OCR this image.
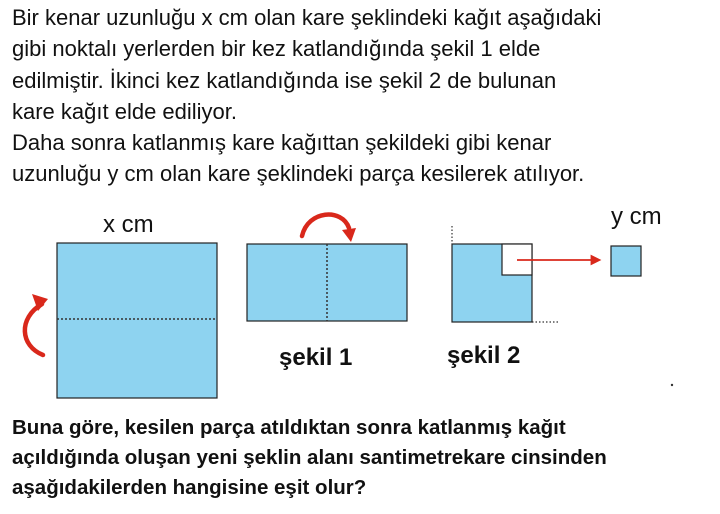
Bir kenar uzunluğu x cm olan kare şeklindeki kağıt aşağıdaki
gibi noktalı yerlerden bir kez katlandığında şekil 1 elde
edilmiştir. İkinci kez katlandığında ise şekil 2 de bulunan
kare kağıt elde ediliyor.
Daha sonra katlanmış kare kağıttan şekildeki gibi kenar
uzunluğu y cm olan kare şeklindeki parça kesilerek atılıyor.
x cm	y cm
şekil 1	şekil 2
Buna göre, kesilen parça atıldıktan sonra katlanmış kağıt
açıldığında oluşan yeni şeklin alanı santimetrekare cinsinden
aşağıdakilerden hangisine eşit olur?
